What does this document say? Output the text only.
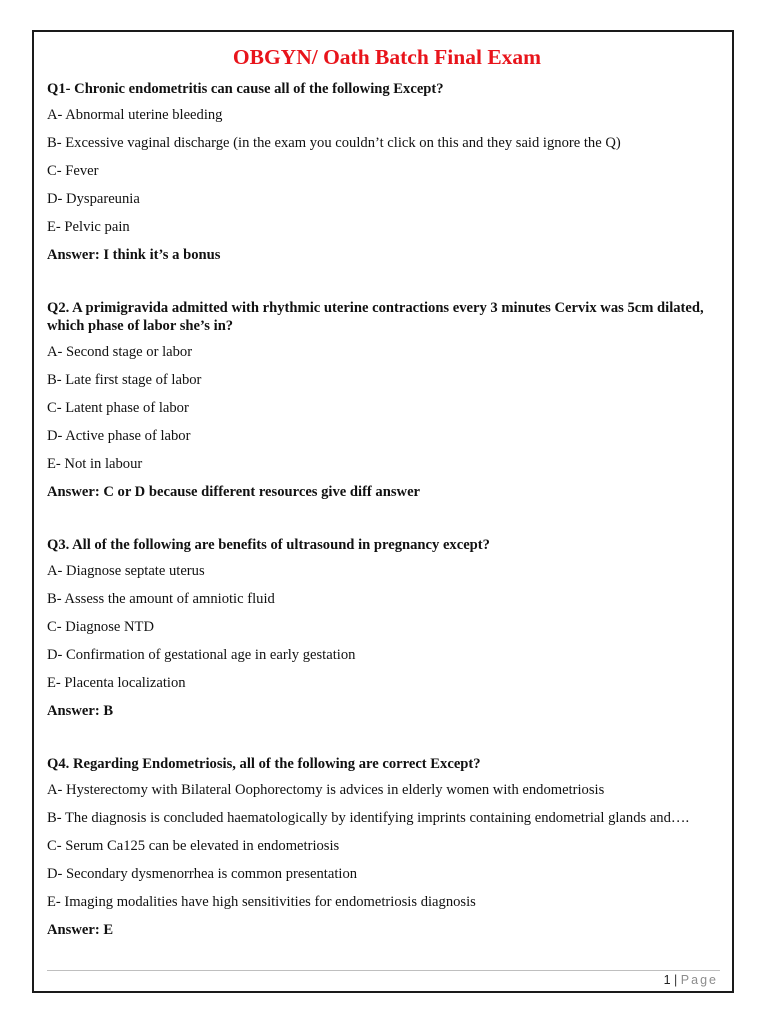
OBGYN/ Oath Batch Final Exam

Q1- Chronic endometritis can cause all of the following Except?

A- Abnormal uterine bleeding

B- Excessive vaginal discharge (in the exam you couldn’t click on this and they said ignore the Q)

C- Fever

D- Dyspareunia

E- Pelvic pain

Answer: I think it’s a bonus

Q2. A primigravida admitted with rhythmic uterine contractions every 3 minutes Cervix was 5cm dilated, which phase of labor she’s in?

A- Second stage or labor

B- Late first stage of labor

C- Latent phase of labor

D- Active phase of labor

E- Not in labour

Answer: C or D because different resources give diff answer

Q3. All of the following are benefits of ultrasound in pregnancy except?

A- Diagnose septate uterus

B- Assess the amount of amniotic fluid

C- Diagnose NTD

D- Confirmation of gestational age in early gestation

E- Placenta localization

Answer: B

Q4. Regarding Endometriosis, all of the following are correct Except?

A- Hysterectomy with Bilateral Oophorectomy is advices in elderly women with endometriosis

B- The diagnosis is concluded haematologically by identifying imprints containing endometrial glands and….

C- Serum Ca125 can be elevated in endometriosis

D- Secondary dysmenorrhea is common presentation

E- Imaging modalities have high sensitivities for endometriosis diagnosis

Answer: E

1 | Page
